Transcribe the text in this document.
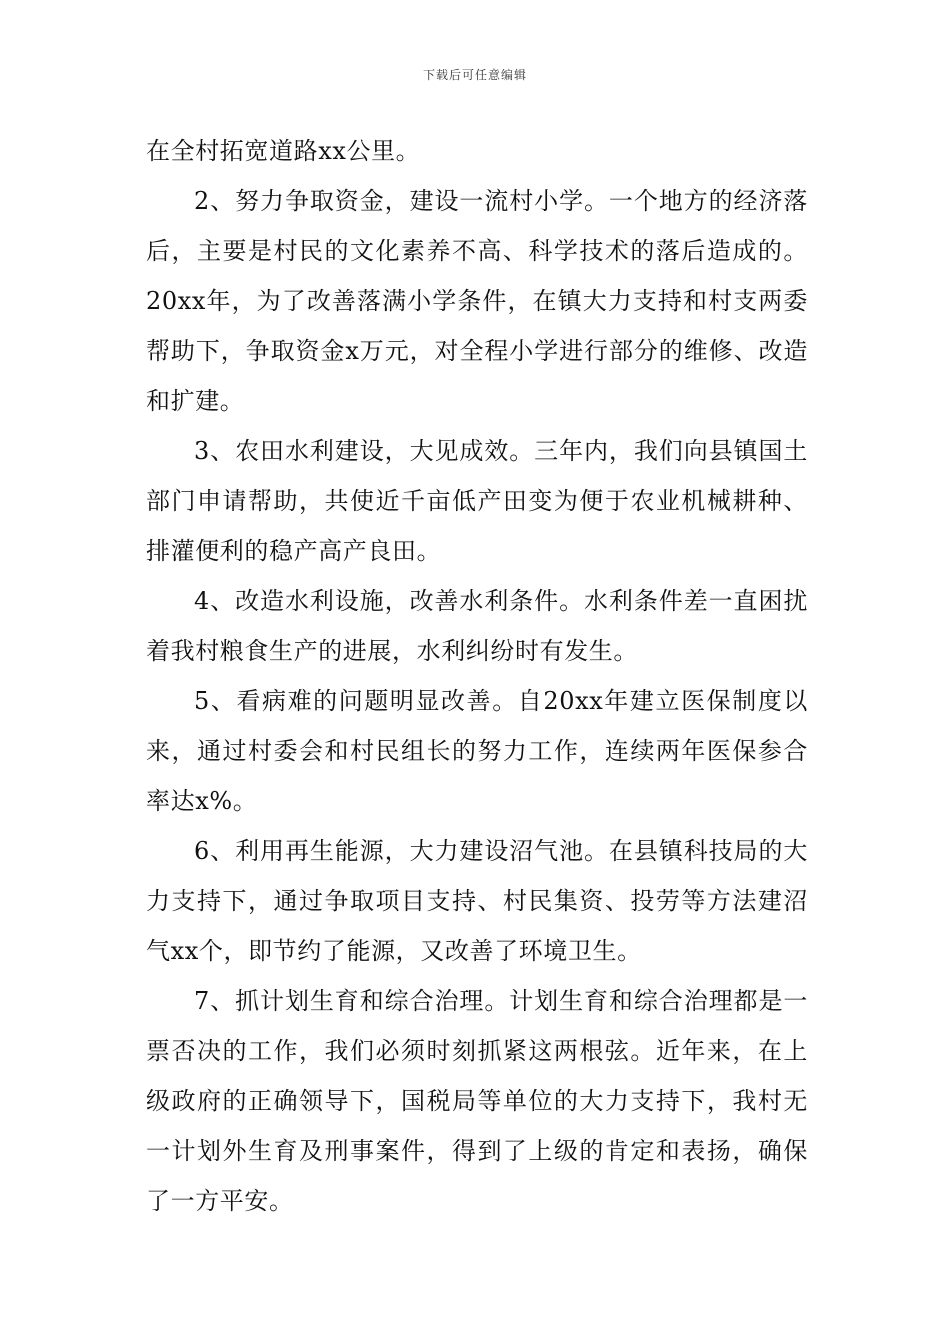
下载后可任意编辑

在全村拓宽道路xx公里。

2、努力争取资金，建设一流村小学。一个地方的经济落后，主要是村民的文化素养不高、科学技术的落后造成的。20xx年，为了改善落满小学条件，在镇大力支持和村支两委帮助下，争取资金x万元，对全程小学进行部分的维修、改造和扩建。

3、农田水利建设，大见成效。三年内，我们向县镇国土部门申请帮助，共使近千亩低产田变为便于农业机械耕种、排灌便利的稳产高产良田。

4、改造水利设施，改善水利条件。水利条件差一直困扰着我村粮食生产的进展，水利纠纷时有发生。

5、看病难的问题明显改善。自20xx年建立医保制度以来，通过村委会和村民组长的努力工作，连续两年医保参合率达x%。

6、利用再生能源，大力建设沼气池。在县镇科技局的大力支持下，通过争取项目支持、村民集资、投劳等方法建沼气xx个，即节约了能源，又改善了环境卫生。

7、抓计划生育和综合治理。计划生育和综合治理都是一票否决的工作，我们必须时刻抓紧这两根弦。近年来，在上级政府的正确领导下，国税局等单位的大力支持下，我村无一计划外生育及刑事案件，得到了上级的肯定和表扬，确保了一方平安。
